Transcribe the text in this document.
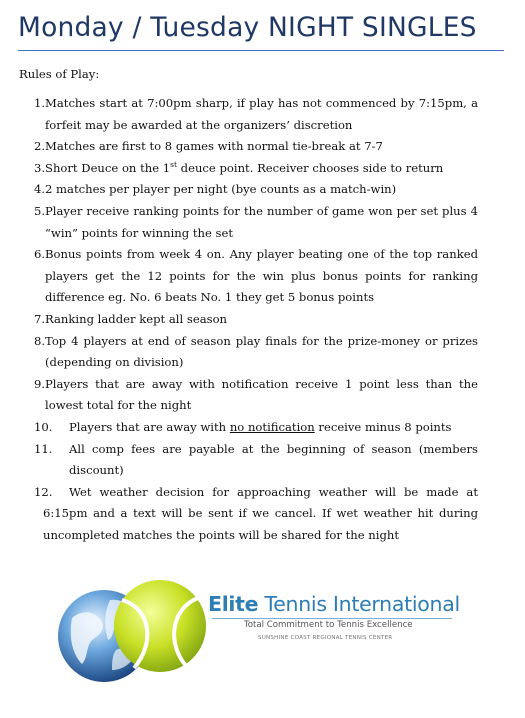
Monday / Tuesday NIGHT SINGLES
Rules of Play:
1. Matches start at 7:00pm sharp, if play has not commenced by 7:15pm, a forfeit may be awarded at the organizers’ discretion
2. Matches are first to 8 games with normal tie-break at 7-7
3. Short Deuce on the 1st deuce point. Receiver chooses side to return
4. 2 matches per player per night (bye counts as a match-win)
5. Player receive ranking points for the number of game won per set plus 4 “win” points for winning the set
6. Bonus points from week 4 on. Any player beating one of the top ranked players get the 12 points for the win plus bonus points for ranking difference eg. No. 6 beats No. 1 they get 5 bonus points
7. Ranking ladder kept all season
8. Top 4 players at end of season play finals for the prize-money or prizes (depending on division)
9. Players that are away with notification receive 1 point less than the lowest total for the night
10. Players that are away with no notification receive minus 8 points
11. All comp fees are payable at the beginning of season (members discount)
12.	Wet weather decision for approaching weather will be made at 6:15pm and a text will be sent if we cancel. If wet weather hit during uncompleted matches the points will be shared for the night
Elite Tennis International
Total Commitment to Tennis Excellence
SUNSHINE COAST REGIONAL TENNIS CENTER
